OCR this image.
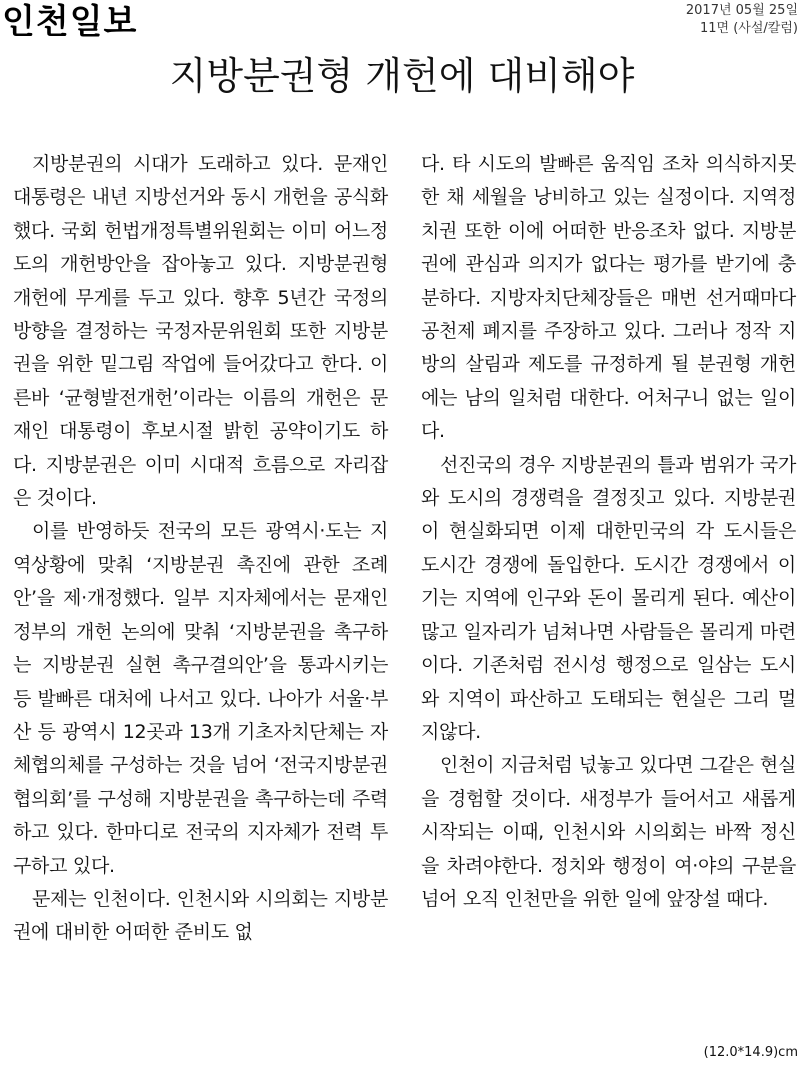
인천일보	2017년 05월 25일
11면 (사설/칼럼)
지방분권형 개헌에 대비해야

지방분권의 시대가 도래하고 있다. 문재인 대통령은 내년 지방선거와 동시 개헌을 공식화했다. 국회 헌법개정특별위원회는 이미 어느정도의 개헌방안을 잡아놓고 있다. 지방분권형 개헌에 무게를 두고 있다. 향후 5년간 국정의 방향을 결정하는 국정자문위원회 또한 지방분권을 위한 밑그림 작업에 들어갔다고 한다. 이른바 ‘균형발전개헌’이라는 이름의 개헌은 문재인 대통령이 후보시절 밝힌 공약이기도 하다. 지방분권은 이미 시대적 흐름으로 자리잡은 것이다.

이를 반영하듯 전국의 모든 광역시·도는 지역상황에 맞춰 ‘지방분권 촉진에 관한 조례안’을 제·개정했다. 일부 지자체에서는 문재인 정부의 개헌 논의에 맞춰 ‘지방분권을 촉구하는 지방분권 실현 촉구결의안’을 통과시키는 등 발빠른 대처에 나서고 있다. 나아가 서울·부산 등 광역시 12곳과 13개 기초자치단체는 자체협의체를 구성하는 것을 넘어 ‘전국지방분권협의회’를 구성해 지방분권을 촉구하는데 주력하고 있다. 한마디로 전국의 지자체가 전력 투구하고 있다.

문제는 인천이다. 인천시와 시의회는 지방분권에 대비한 어떠한 준비도 없

다. 타 시도의 발빠른 움직임 조차 의식하지못한 채 세월을 낭비하고 있는 실정이다. 지역정치권 또한 이에 어떠한 반응조차 없다. 지방분권에 관심과 의지가 없다는 평가를 받기에 충분하다. 지방자치단체장들은 매번 선거때마다 공천제 폐지를 주장하고 있다. 그러나 정작 지방의 살림과 제도를 규정하게 될 분권형 개헌에는 남의 일처럼 대한다. 어처구니 없는 일이다.

선진국의 경우 지방분권의 틀과 범위가 국가와 도시의 경쟁력을 결정짓고 있다. 지방분권이 현실화되면 이제 대한민국의 각 도시들은 도시간 경쟁에 돌입한다. 도시간 경쟁에서 이기는 지역에 인구와 돈이 몰리게 된다. 예산이 많고 일자리가 넘쳐나면 사람들은 몰리게 마련이다. 기존처럼 전시성 행정으로 일삼는 도시와 지역이 파산하고 도태되는 현실은 그리 멀지않다.

인천이 지금처럼 넋놓고 있다면 그같은 현실을 경험할 것이다. 새정부가 들어서고 새롭게 시작되는 이때, 인천시와 시의회는 바짝 정신을 차려야한다. 정치와 행정이 여·야의 구분을 넘어 오직 인천만을 위한 일에 앞장설 때다.

(12.0*14.9)cm
